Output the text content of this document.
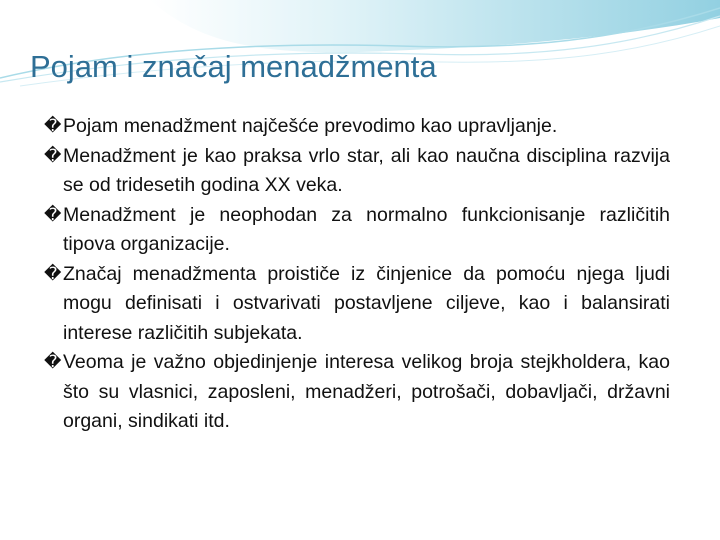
Pojam i značaj menadžmenta
� Pojam menadžment najčešće prevodimo kao upravljanje.
� Menadžment je kao praksa vrlo star, ali kao naučna disciplina razvija se od tridesetih godina XX veka.
� Menadžment je neophodan za normalno funkcionisanje različitih tipova organizacije.
� Značaj menadžmenta proističe iz činjenice da pomoću njega ljudi mogu definisati i ostvarivati postavljene ciljeve, kao i balansirati interese različitih subjekata.
� Veoma je važno objedinjenje interesa velikog broja stejkholdera, kao što su vlasnici, zaposleni, menadžeri, potrošači, dobavljači, državni organi, sindikati itd.
